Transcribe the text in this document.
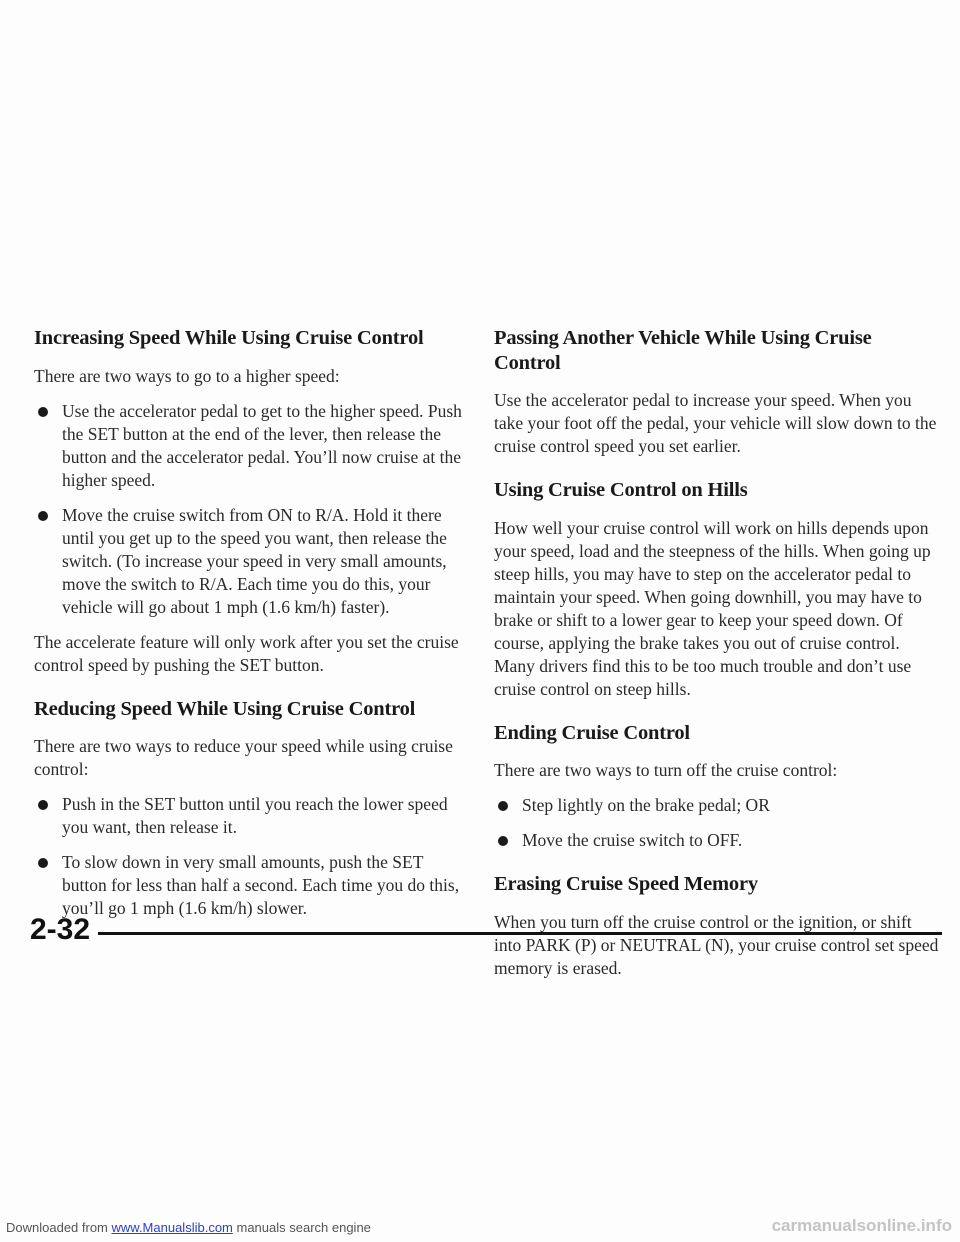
Increasing Speed While Using Cruise Control

There are two ways to go to a higher speed:

Use the accelerator pedal to get to the higher speed. Push the SET button at the end of the lever, then release the button and the accelerator pedal. You’ll now cruise at the higher speed.
Move the cruise switch from ON to R/A. Hold it there until you get up to the speed you want, then release the switch. (To increase your speed in very small amounts, move the switch to R/A. Each time you do this, your vehicle will go about 1 mph (1.6 km/h) faster).

The accelerate feature will only work after you set the cruise control speed by pushing the SET button.

Reducing Speed While Using Cruise Control

There are two ways to reduce your speed while using cruise control:

Push in the SET button until you reach the lower speed you want, then release it.
To slow down in very small amounts, push the SET button for less than half a second. Each time you do this, you’ll go 1 mph (1.6 km/h) slower.
Passing Another Vehicle While Using Cruise Control

Use the accelerator pedal to increase your speed. When you take your foot off the pedal, your vehicle will slow down to the cruise control speed you set earlier.

Using Cruise Control on Hills

How well your cruise control will work on hills depends upon your speed, load and the steepness of the hills. When going up steep hills, you may have to step on the accelerator pedal to maintain your speed. When going downhill, you may have to brake or shift to a lower gear to keep your speed down. Of course, applying the brake takes you out of cruise control. Many drivers find this to be too much trouble and don’t use cruise control on steep hills.

Ending Cruise Control

There are two ways to turn off the cruise control:

Step lightly on the brake pedal; OR
Move the cruise switch to OFF.
Erasing Cruise Speed Memory

When you turn off the cruise control or the ignition, or shift into PARK (P) or NEUTRAL (N), your cruise control set speed memory is erased.

2-32
Downloaded from www.Manualslib.com manuals search engine	carmanualsonline.info
